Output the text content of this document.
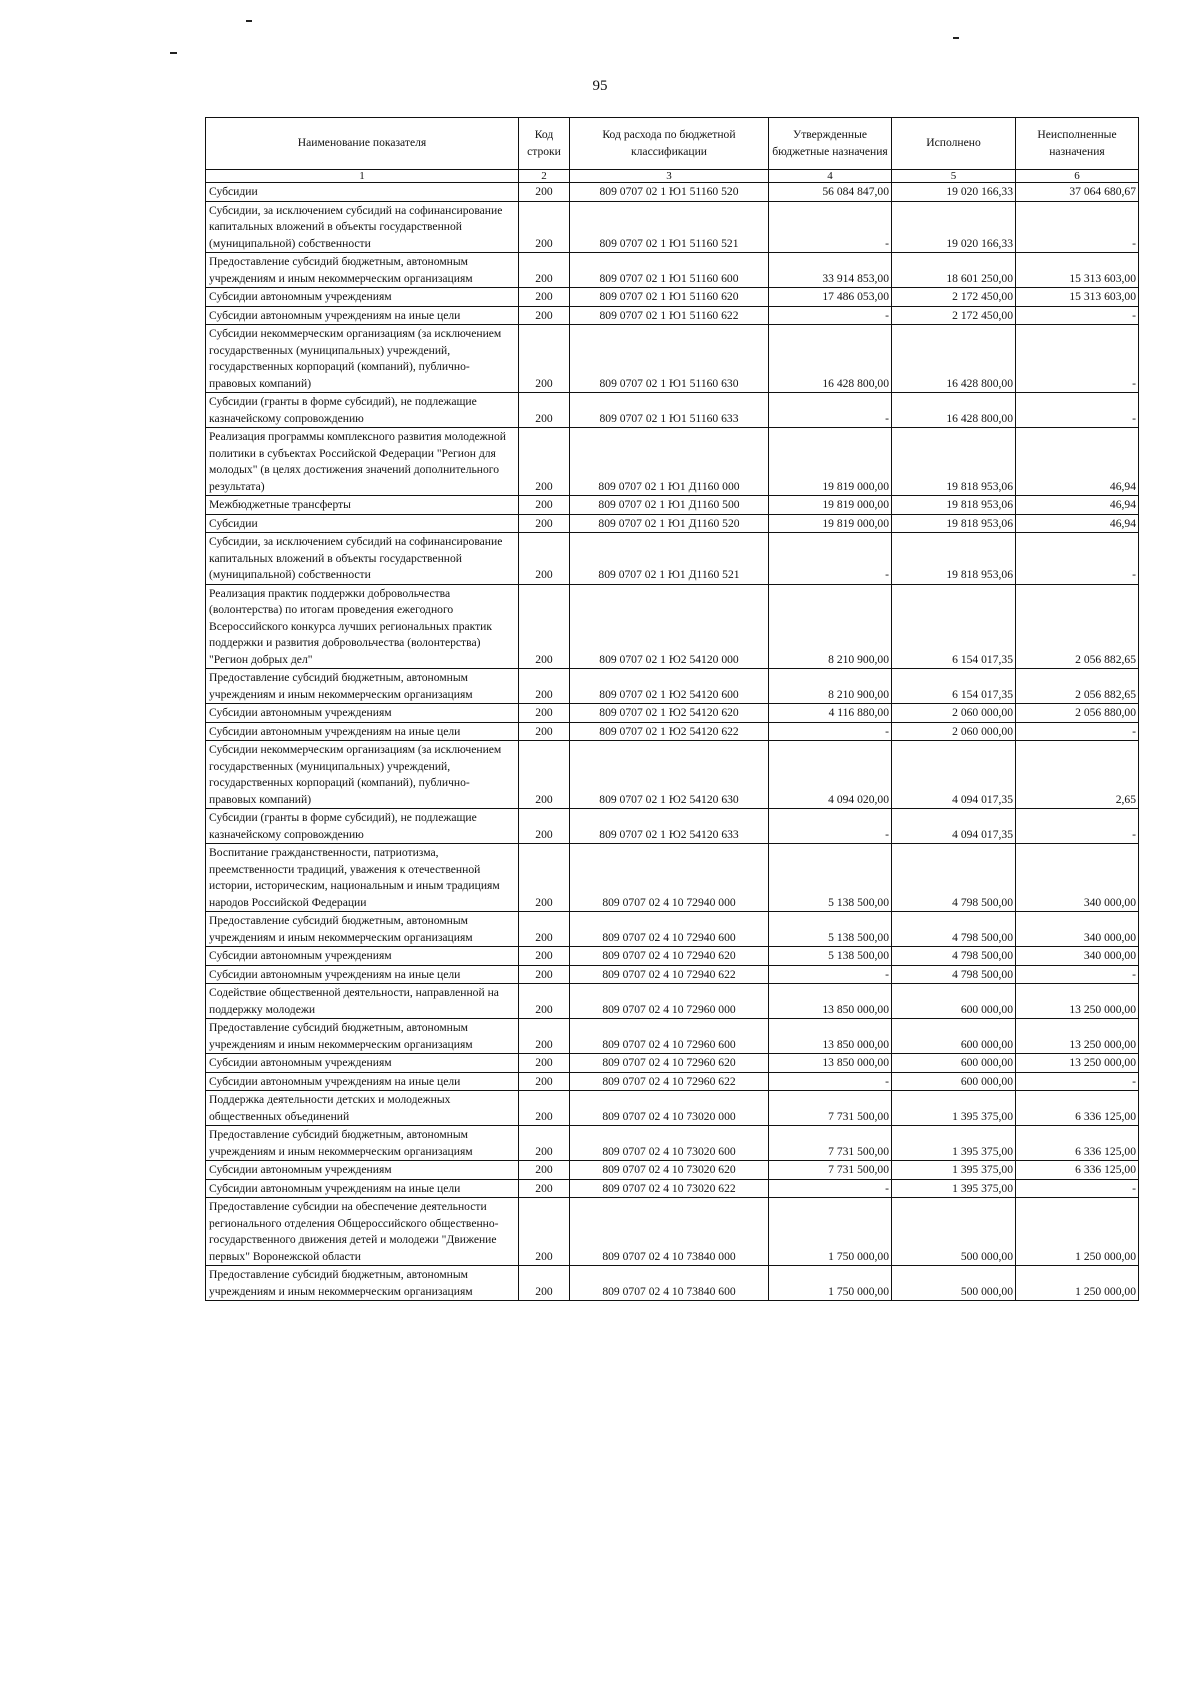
95
Наименование показателя	Код строки	Код расхода по бюджетной классификации	Утвержденные бюджетные назначения	Исполнено	Неисполненные назначения
1	2	3	4	5	6
Субсидии	200	809 0707 02 1 Ю1 51160 520	56 084 847,00	19 020 166,33	37 064 680,67
Субсидии, за исключением субсидий на софинансирование капитальных вложений в объекты государственной (муниципальной) собственности	200	809 0707 02 1 Ю1 51160 521	-	19 020 166,33	-
Предоставление субсидий бюджетным, автономным учреждениям и иным некоммерческим организациям	200	809 0707 02 1 Ю1 51160 600	33 914 853,00	18 601 250,00	15 313 603,00
Субсидии автономным учреждениям	200	809 0707 02 1 Ю1 51160 620	17 486 053,00	2 172 450,00	15 313 603,00
Субсидии автономным учреждениям на иные цели	200	809 0707 02 1 Ю1 51160 622	-	2 172 450,00	-
Субсидии некоммерческим организациям (за исключением государственных (муниципальных) учреждений, государственных корпораций (компаний), публично-правовых компаний)	200	809 0707 02 1 Ю1 51160 630	16 428 800,00	16 428 800,00	-
Субсидии (гранты в форме субсидий), не подлежащие казначейскому сопровождению	200	809 0707 02 1 Ю1 51160 633	-	16 428 800,00	-
Реализация программы комплексного развития молодежной политики в субъектах Российской Федерации "Регион для молодых" (в целях достижения значений дополнительного результата)	200	809 0707 02 1 Ю1 Д1160 000	19 819 000,00	19 818 953,06	46,94
Межбюджетные трансферты	200	809 0707 02 1 Ю1 Д1160 500	19 819 000,00	19 818 953,06	46,94
Субсидии	200	809 0707 02 1 Ю1 Д1160 520	19 819 000,00	19 818 953,06	46,94
Субсидии, за исключением субсидий на софинансирование капитальных вложений в объекты государственной (муниципальной) собственности	200	809 0707 02 1 Ю1 Д1160 521	-	19 818 953,06	-
Реализация практик поддержки добровольчества (волонтерства) по итогам проведения ежегодного Всероссийского конкурса лучших региональных практик поддержки и развития добровольчества (волонтерства) "Регион добрых дел"	200	809 0707 02 1 Ю2 54120 000	8 210 900,00	6 154 017,35	2 056 882,65
Предоставление субсидий бюджетным, автономным учреждениям и иным некоммерческим организациям	200	809 0707 02 1 Ю2 54120 600	8 210 900,00	6 154 017,35	2 056 882,65
Субсидии автономным учреждениям	200	809 0707 02 1 Ю2 54120 620	4 116 880,00	2 060 000,00	2 056 880,00
Субсидии автономным учреждениям на иные цели	200	809 0707 02 1 Ю2 54120 622	-	2 060 000,00	-
Субсидии некоммерческим организациям (за исключением государственных (муниципальных) учреждений, государственных корпораций (компаний), публично-правовых компаний)	200	809 0707 02 1 Ю2 54120 630	4 094 020,00	4 094 017,35	2,65
Субсидии (гранты в форме субсидий), не подлежащие казначейскому сопровождению	200	809 0707 02 1 Ю2 54120 633	-	4 094 017,35	-
Воспитание гражданственности, патриотизма, преемственности традиций, уважения к отечественной истории, историческим, национальным и иным традициям народов Российской Федерации	200	809 0707 02 4 10 72940 000	5 138 500,00	4 798 500,00	340 000,00
Предоставление субсидий бюджетным, автономным учреждениям и иным некоммерческим организациям	200	809 0707 02 4 10 72940 600	5 138 500,00	4 798 500,00	340 000,00
Субсидии автономным учреждениям	200	809 0707 02 4 10 72940 620	5 138 500,00	4 798 500,00	340 000,00
Субсидии автономным учреждениям на иные цели	200	809 0707 02 4 10 72940 622	-	4 798 500,00	-
Содействие общественной деятельности, направленной на поддержку молодежи	200	809 0707 02 4 10 72960 000	13 850 000,00	600 000,00	13 250 000,00
Предоставление субсидий бюджетным, автономным учреждениям и иным некоммерческим организациям	200	809 0707 02 4 10 72960 600	13 850 000,00	600 000,00	13 250 000,00
Субсидии автономным учреждениям	200	809 0707 02 4 10 72960 620	13 850 000,00	600 000,00	13 250 000,00
Субсидии автономным учреждениям на иные цели	200	809 0707 02 4 10 72960 622	-	600 000,00	-
Поддержка деятельности детских и молодежных общественных объединений	200	809 0707 02 4 10 73020 000	7 731 500,00	1 395 375,00	6 336 125,00
Предоставление субсидий бюджетным, автономным учреждениям и иным некоммерческим организациям	200	809 0707 02 4 10 73020 600	7 731 500,00	1 395 375,00	6 336 125,00
Субсидии автономным учреждениям	200	809 0707 02 4 10 73020 620	7 731 500,00	1 395 375,00	6 336 125,00
Субсидии автономным учреждениям на иные цели	200	809 0707 02 4 10 73020 622	-	1 395 375,00	-
Предоставление субсидии на обеспечение деятельности регионального отделения Общероссийского общественно-государственного движения детей и молодежи "Движение первых" Воронежской области	200	809 0707 02 4 10 73840 000	1 750 000,00	500 000,00	1 250 000,00
Предоставление субсидий бюджетным, автономным учреждениям и иным некоммерческим организациям	200	809 0707 02 4 10 73840 600	1 750 000,00	500 000,00	1 250 000,00
